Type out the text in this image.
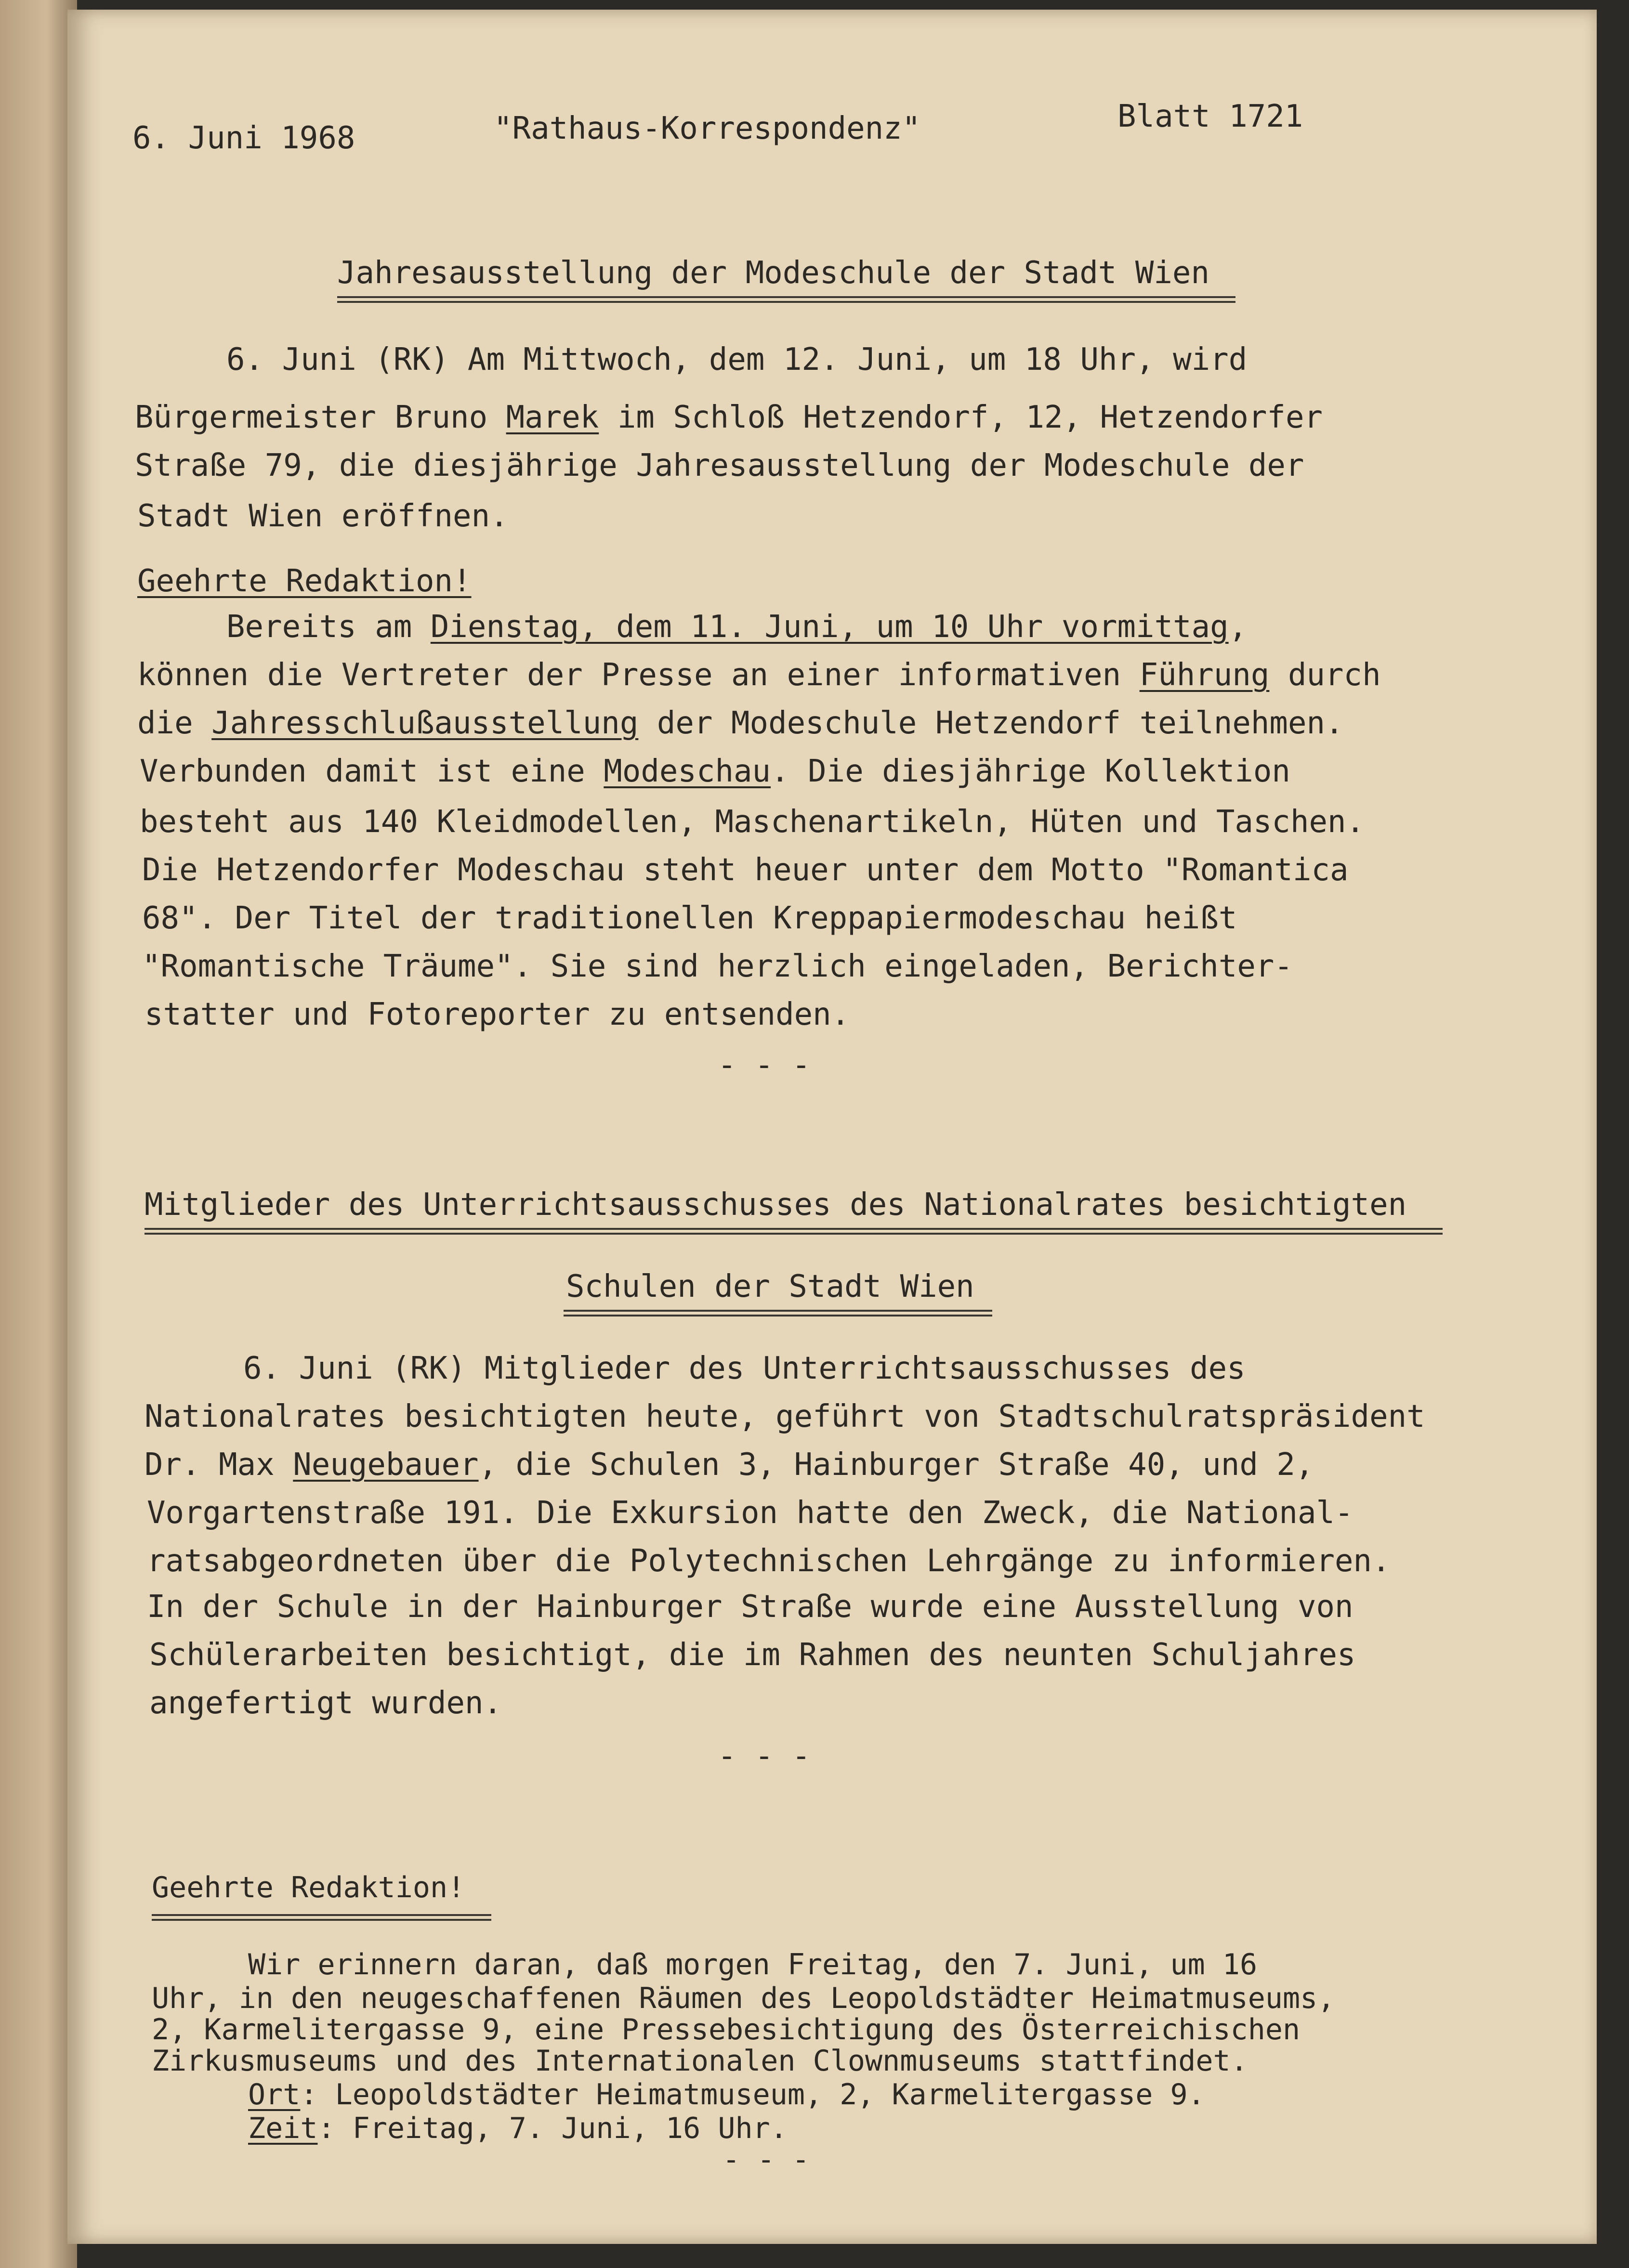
6. Juni 1968	"Rathaus-Korrespondenz"	Blatt 1721
Jahresausstellung der Modeschule der Stadt Wien
6. Juni (RK) Am Mittwoch, dem 12. Juni, um 18 Uhr, wird
Bürgermeister Bruno Marek im Schloß Hetzendorf, 12, Hetzendorfer
Straße 79, die diesjährige Jahresausstellung der Modeschule der
Stadt Wien eröffnen.
Geehrte Redaktion!
Bereits am Dienstag, dem 11. Juni, um 10 Uhr vormittag,
können die Vertreter der Presse an einer informativen Führung durch
die Jahresschlußausstellung der Modeschule Hetzendorf teilnehmen.
Verbunden damit ist eine Modeschau. Die diesjährige Kollektion
besteht aus 140 Kleidmodellen, Maschenartikeln, Hüten und Taschen.
Die Hetzendorfer Modeschau steht heuer unter dem Motto "Romantica
68". Der Titel der traditionellen Kreppapiermodeschau heißt
"Romantische Träume". Sie sind herzlich eingeladen, Berichter-
statter und Fotoreporter zu entsenden.
- - -
Mitglieder des Unterrichtsausschusses des Nationalrates besichtigten
Schulen der Stadt Wien
6. Juni (RK) Mitglieder des Unterrichtsausschusses des
Nationalrates besichtigten heute, geführt von Stadtschulratspräsident
Dr. Max Neugebauer, die Schulen 3, Hainburger Straße 40, und 2,
Vorgartenstraße 191. Die Exkursion hatte den Zweck, die National-
ratsabgeordneten über die Polytechnischen Lehrgänge zu informieren.
In der Schule in der Hainburger Straße wurde eine Ausstellung von
Schülerarbeiten besichtigt, die im Rahmen des neunten Schuljahres
angefertigt wurden.
- - -
Geehrte Redaktion!
Wir erinnern daran, daß morgen Freitag, den 7. Juni, um 16
Uhr, in den neugeschaffenen Räumen des Leopoldstädter Heimatmuseums,
2, Karmelitergasse 9, eine Pressebesichtigung des Österreichischen
Zirkusmuseums und des Internationalen Clownmuseums stattfindet.
Ort: Leopoldstädter Heimatmuseum, 2, Karmelitergasse 9.
Zeit: Freitag, 7. Juni, 16 Uhr.
- - -
